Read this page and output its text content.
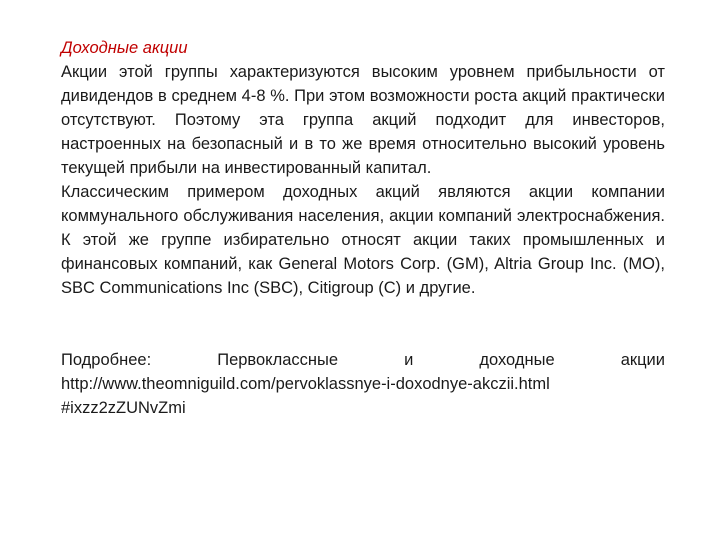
Доходные акции

Акции этой группы характеризуются высоким уровнем прибыльности от дивидендов в среднем 4-8 %. При этом возможности роста акций практически отсутствуют. Поэтому эта группа акций подходит для инвесторов, настроенных на безопасный и в то же время относительно высокий уровень текущей прибыли на инвестированный капитал.

Классическим примером доходных акций являются акции компании коммунального обслуживания населения, акции компаний электроснабжения. К этой же группе избирательно относят акции таких промышленных и финансовых компаний, как General Motors Corp. (GM), Altria Group Inc. (MO), SBC Communications Inc (SBC), Citigroup (C) и другие.

Подробнее: Первоклассные и доходные акции
http://www.theomniguild.com/pervoklassnye-i-doxodnye-akczii.html#ixzz2zZUNvZmi
